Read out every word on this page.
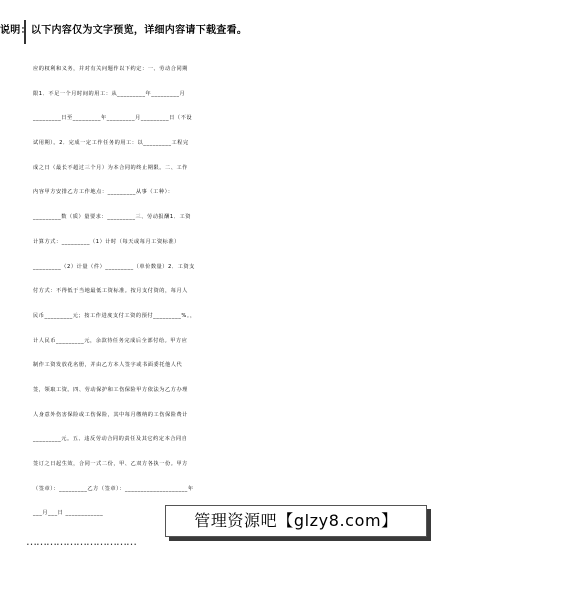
说明：以下内容仅为文字预览，详细内容请下载查看。
应的权利和义务，并对有关问题作以下约定：一、劳动合同期
限1．不足一个月时间的用工：从_________年_________月
_________日至_________年_________月_________日（不设
试用期）。2．完成一定工作任务的用工：以_________工程完
成之日（最长不超过三个月）为本合同的终止期限。二、工作
内容甲方安排乙方工作地点：_________从事（工种）：
_________数（质）量要求：_________三、劳动报酬1．工资
计算方式：_________（1）计时（每天或每月工资标准）
_________（2）计量（件）_________（单价数量）2．工资支
付方式：不得低于当地最低工资标准。按月支付资的，每月人
民币_________元；按工作进度支付工资的预付_________%。，
计人民币_________元，余款待任务完成后全部付给。甲方应
制作工资发放花名册，并由乙方本人签字或书面委托他人代
签，领取工资。四、劳动保护和工伤保险甲方依法为乙方办理
人身意外伤害保险或工伤保险，其中每月缴纳的工伤保险费计
_________元。五、违反劳动合同的责任及其它约定本合同自
签订之日起生效，合同一式二份，甲、乙双方各执一份。甲方
（签章）：_________乙方（签章）：____________________年
___月___日 ____________	管理资源吧【glzy8.com】
……………………………
